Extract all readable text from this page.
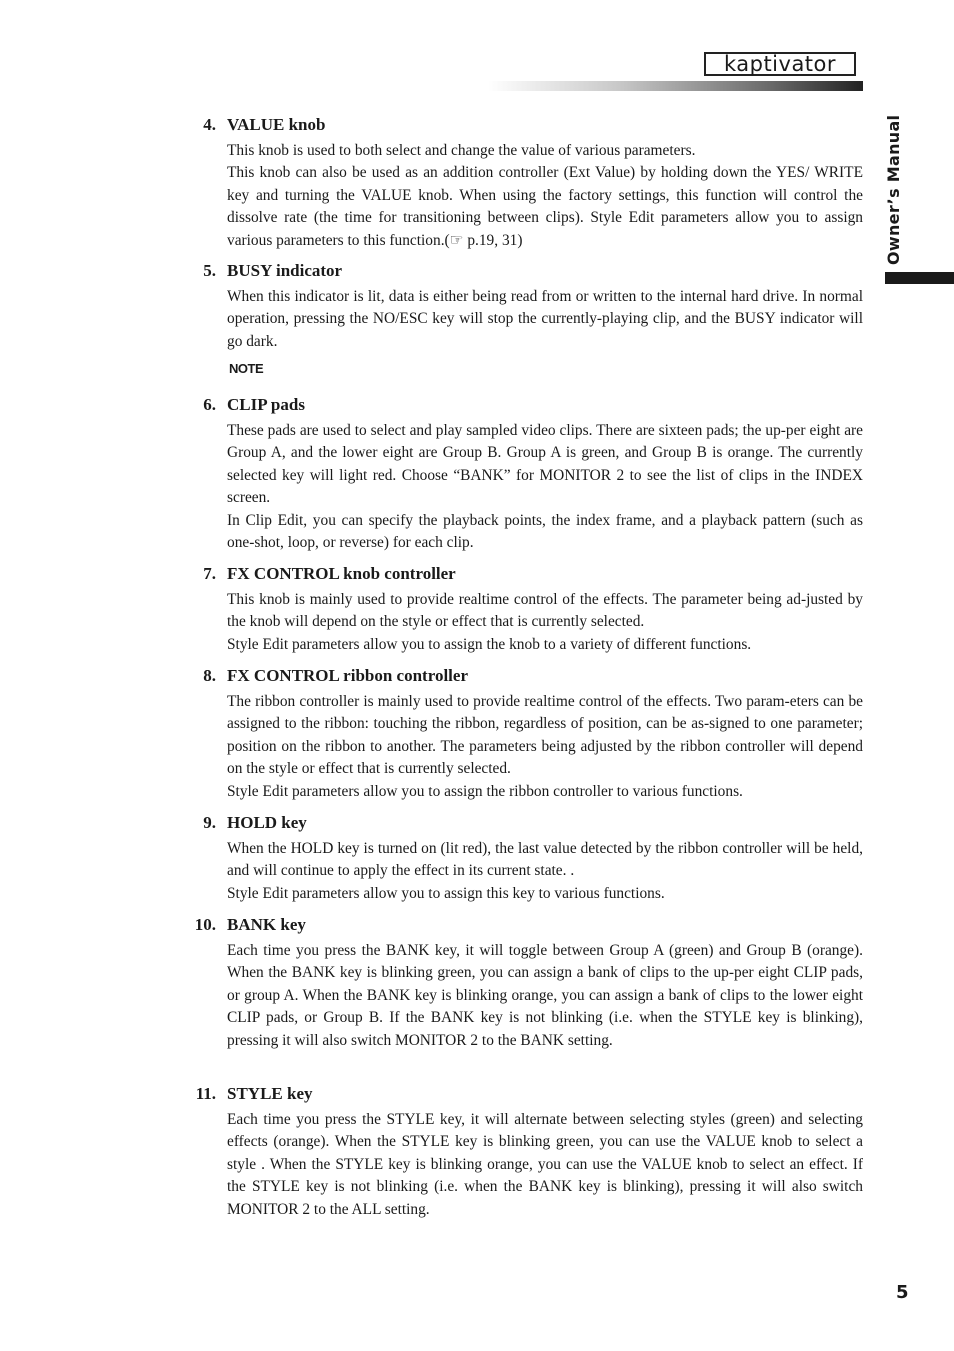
kaptivator
Owner’s Manual
4. VALUE knob

This knob is used to both select and change the value of various parameters.

This knob can also be used as an addition controller (Ext Value) by holding down the YES/ WRITE key and turning the VALUE knob. When using the factory settings, this function will control the dissolve rate (the time for transitioning between clips). Style Edit parameters allow you to assign various parameters to this function.(☞ p.19, 31)

5. BUSY indicator

When this indicator is lit, data is either being read from or written to the internal hard drive. In normal operation, pressing the NO/ESC key will stop the currently-playing clip, and the BUSY indicator will go dark.

NOTE
6. CLIP pads

These pads are used to select and play sampled video clips. There are sixteen pads; the up-per eight are Group A, and the lower eight are Group B. Group A is green, and Group B is orange. The currently selected key will light red. Choose “BANK” for MONITOR 2 to see the list of clips in the INDEX screen.

In Clip Edit, you can specify the playback points, the index frame, and a playback pattern (such as one-shot, loop, or reverse) for each clip.

7. FX CONTROL knob controller

This knob is mainly used to provide realtime control of the effects. The parameter being ad-justed by the knob will depend on the style or effect that is currently selected.

Style Edit parameters allow you to assign the knob to a variety of different functions.

8. FX CONTROL ribbon controller

The ribbon controller is mainly used to provide realtime control of the effects. Two param-eters can be assigned to the ribbon: touching the ribbon, regardless of position, can be as-signed to one parameter; position on the ribbon to another. The parameters being adjusted by the ribbon controller will depend on the style or effect that is currently selected.

Style Edit parameters allow you to assign the ribbon controller to various functions.

9. HOLD key

When the HOLD key is turned on (lit red), the last value detected by the ribbon controller will be held, and will continue to apply the effect in its current state. .

Style Edit parameters allow you to assign this key to various functions.

10. BANK key

Each time you press the BANK key, it will toggle between Group A (green) and Group B (orange). When the BANK key is blinking green, you can assign a bank of clips to the up-per eight CLIP pads, or group A. When the BANK key is blinking orange, you can assign a bank of clips to the lower eight CLIP pads, or Group B. If the BANK key is not blinking (i.e. when the STYLE key is blinking), pressing it will also switch MONITOR 2 to the BANK setting.

11. STYLE key

Each time you press the STYLE key, it will alternate between selecting styles (green) and selecting effects (orange). When the STYLE key is blinking green, you can use the VALUE knob to select a style . When the STYLE key is blinking orange, you can use the VALUE knob to select an effect. If the STYLE key is not blinking (i.e. when the BANK key is blinking), pressing it will also switch MONITOR 2 to the ALL setting.

5
